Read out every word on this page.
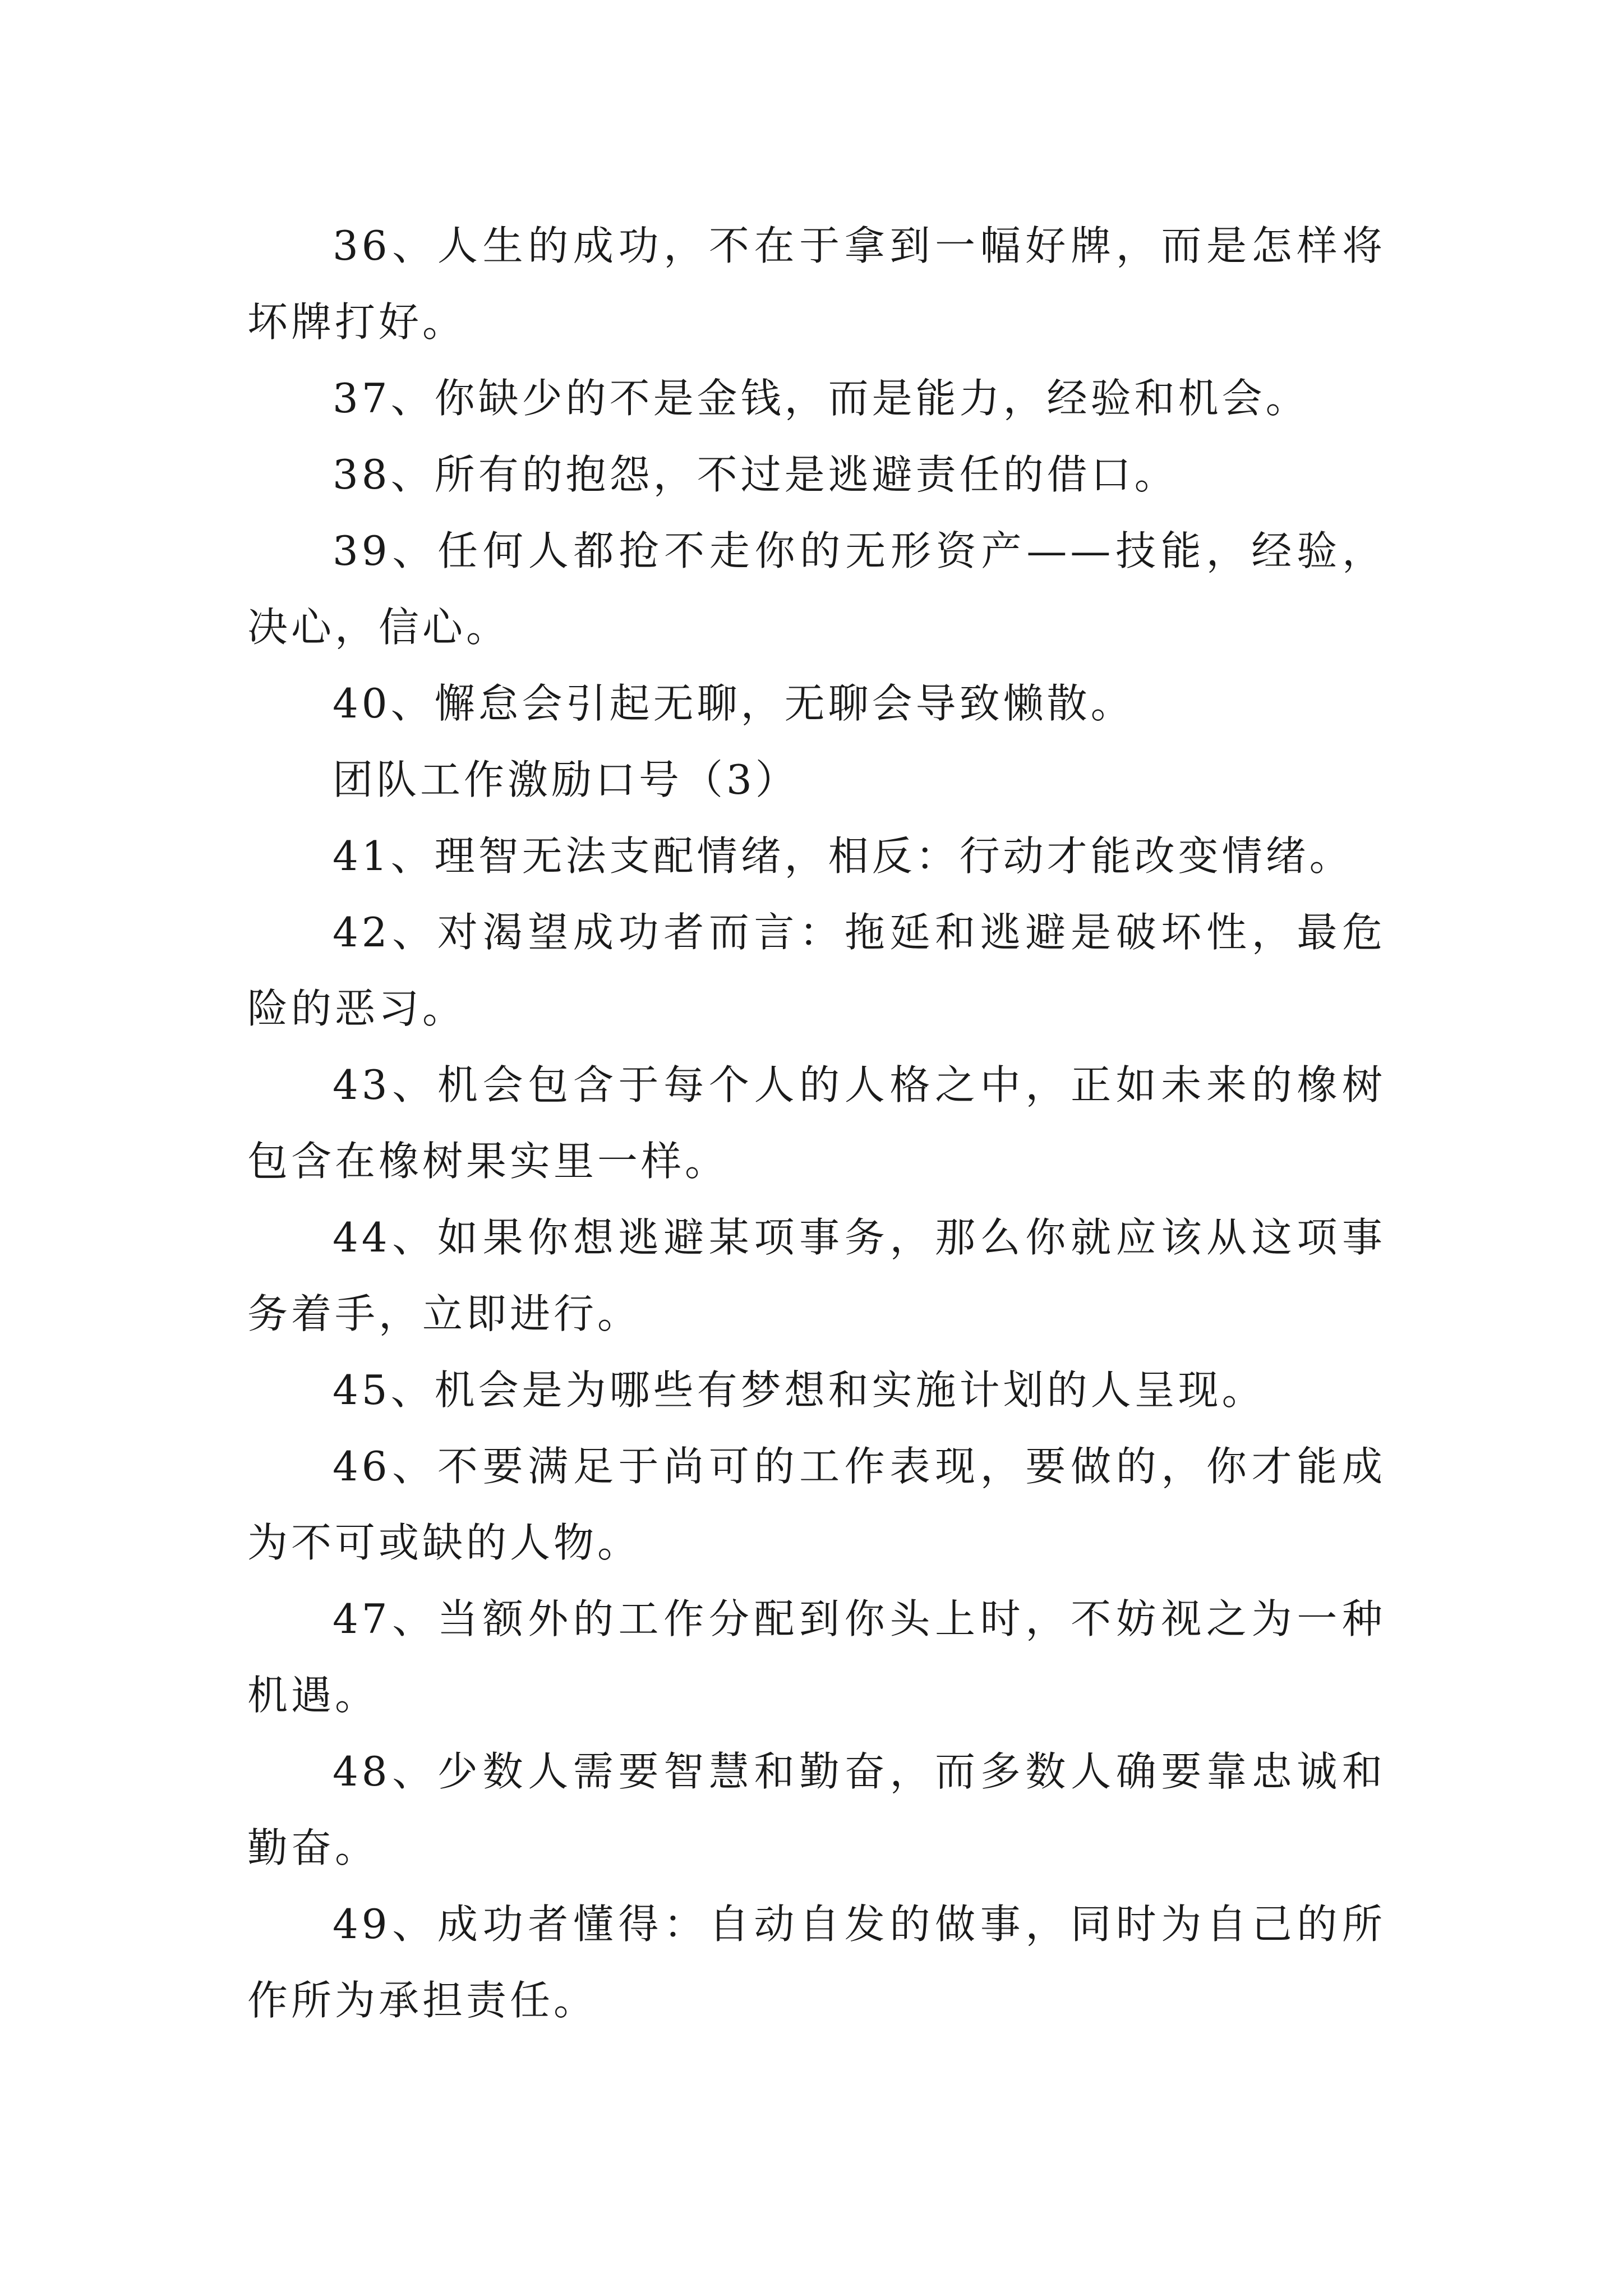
36、人生的成功，不在于拿到一幅好牌，而是怎样将坏牌打好。

37、你缺少的不是金钱，而是能力，经验和机会。

38、所有的抱怨，不过是逃避责任的借口。

39、任何人都抢不走你的无形资产——技能，经验，决心，信心。

40、懈怠会引起无聊，无聊会导致懒散。

团队工作激励口号（3）

41、理智无法支配情绪，相反：行动才能改变情绪。

42、对渴望成功者而言：拖延和逃避是破坏性，最危险的恶习。

43、机会包含于每个人的人格之中，正如未来的橡树包含在橡树果实里一样。

44、如果你想逃避某项事务，那么你就应该从这项事务着手，立即进行。

45、机会是为哪些有梦想和实施计划的人呈现。

46、不要满足于尚可的工作表现，要做的，你才能成为不可或缺的人物。

47、当额外的工作分配到你头上时，不妨视之为一种机遇。

48、少数人需要智慧和勤奋，而多数人确要靠忠诚和勤奋。

49、成功者懂得：自动自发的做事，同时为自己的所作所为承担责任。
